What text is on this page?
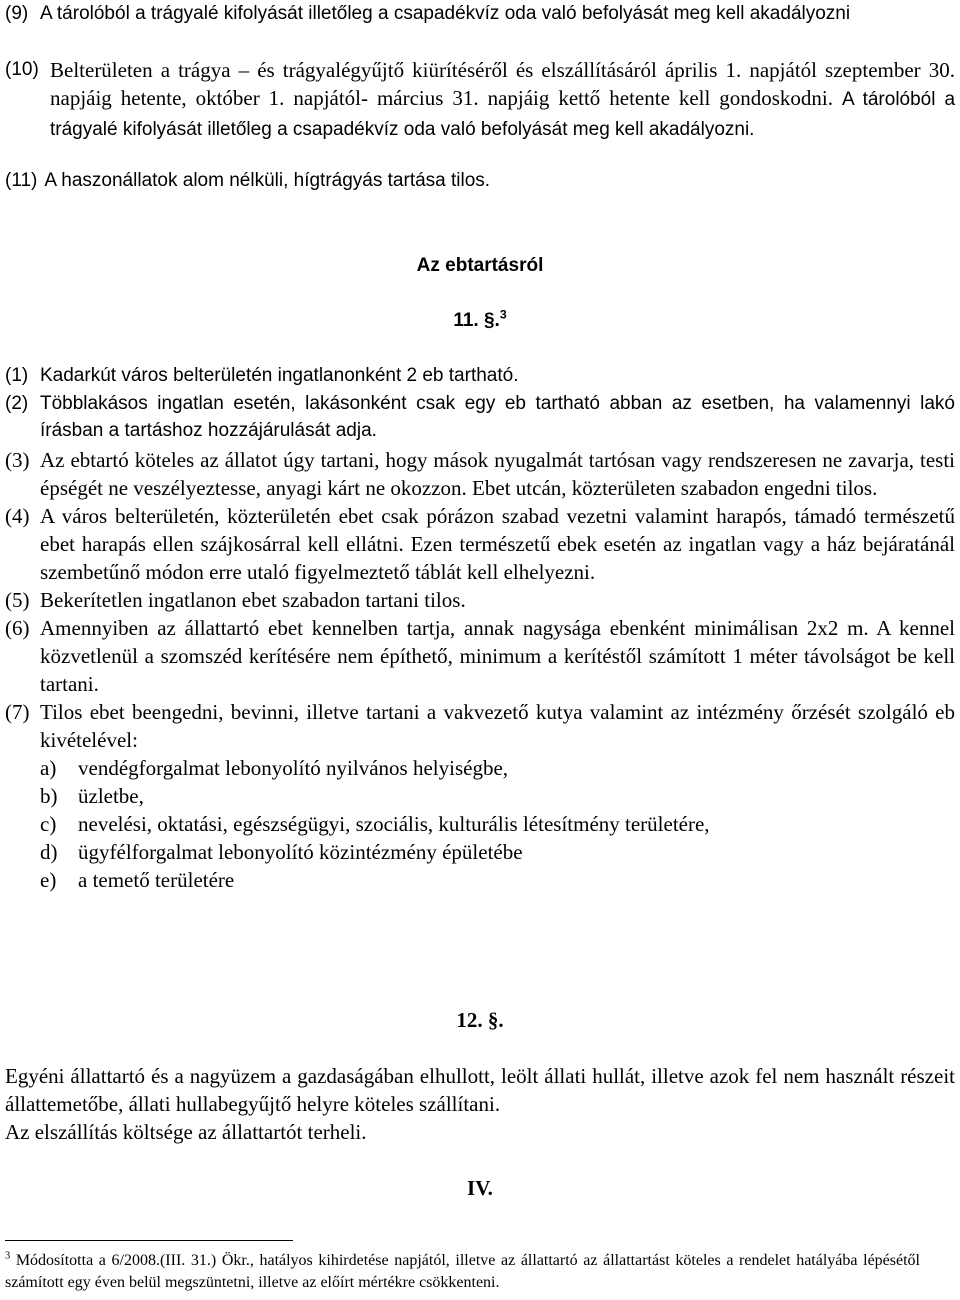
(9) A tárolóból a trágyalé kifolyását illetőleg a csapadékvíz oda való befolyását meg kell akadályozni
(10) Belterületen a trágya – és trágyalégyűjtő kiürítéséről és elszállításáról április 1. napjától szeptember 30. napjáig hetente, október 1. napjától- március 31. napjáig kettő hetente kell gondoskodni. A tárolóból a trágyalé kifolyását illetőleg a csapadékvíz oda való befolyását meg kell akadályozni.
(11) A haszonállatok alom nélküli, hígtrágyás tartása tilos.
Az ebtartásról
11. §.$^3$
(1) Kadarkút város belterületén ingatlanonként 2 eb tartható.
(2) Többlakásos ingatlan esetén, lakásonként csak egy eb tartható abban az esetben, ha valamennyi lakó írásban a tartáshoz hozzájárulását adja.
(3) Az ebtartó köteles az állatot úgy tartani, hogy mások nyugalmát tartósan vagy rendszeresen ne zavarja, testi épségét ne veszélyeztesse, anyagi kárt ne okozzon. Ebet utcán, közterületen szabadon engedni tilos.
(4) A város belterületén, közterületén ebet csak pórázon szabad vezetni valamint harapós, támadó természetű ebet harapás ellen szájkosárral kell ellátni. Ezen természetű ebek esetén az ingatlan vagy a ház bejáratánál szembetűnő módon erre utaló figyelmeztető táblát kell elhelyezni.
(5) Bekerítetlen ingatlanon ebet szabadon tartani tilos.
(6) Amennyiben az állattartó ebet kennelben tartja, annak nagysága ebenként minimálisan 2x2 m. A kennel közvetlenül a szomszéd kerítésére nem építhető, minimum a kerítéstől számított 1 méter távolságot be kell tartani.
(7) Tilos ebet beengedni, bevinni, illetve tartani a vakvezető kutya valamint az intézmény őrzését szolgáló eb kivételével:
a)	vendégforgalmat lebonyolító nyilvános helyiségbe,
b) üzletbe,
c)	nevelési, oktatási, egészségügyi, szociális, kulturális létesítmény területére,
d) ügyfélforgalmat lebonyolító közintézmény épületébe
e)	a temető területére
12. §.
Egyéni állattartó és a nagyüzem a gazdaságában elhullott, leölt állati hullát, illetve azok fel nem használt részeit állattemetőbe, állati hullabegyűjtő helyre köteles szállítani.
Az elszállítás költsége az állattartót terheli.
IV.
$^3$ Módosította a 6/2008.(III. 31.) Ökr., hatályos kihirdetése napjától, illetve az állattartó az állattartást köteles a rendelet hatályába lépésétől számított egy éven belül megszüntetni, illetve az előírt mértékre csökkenteni.
